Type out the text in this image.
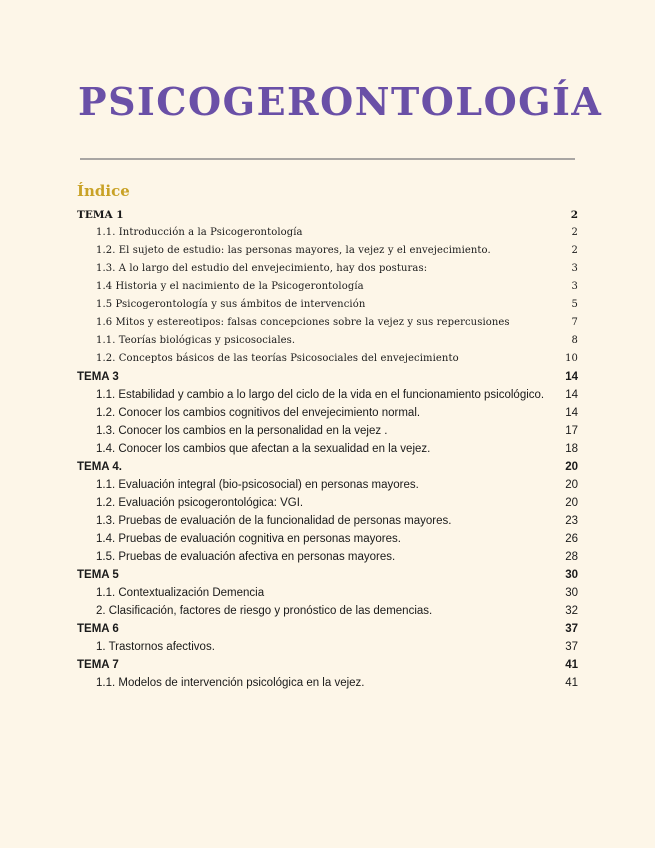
PSICOGERONTOLOGÍA
Índice
TEMA 1	2
1.1. Introducción a la Psicogerontología	2
1.2. El sujeto de estudio: las personas mayores, la vejez y el envejecimiento.	2
1.3. A lo largo del estudio del envejecimiento, hay dos posturas:	3
1.4 Historia y el nacimiento de la Psicogerontología	3
1.5 Psicogerontología y sus ámbitos de intervención	5
1.6 Mitos y estereotipos: falsas concepciones sobre la vejez y sus repercusiones	7
1.1. Teorías biológicas y psicosociales.	8
1.2. Conceptos básicos de las teorías Psicosociales del envejecimiento	10
TEMA 3	14
1.1. Estabilidad y cambio a lo largo del ciclo de la vida en el funcionamiento psicológico. 14
1.2. Conocer los cambios cognitivos del envejecimiento normal.	14
1.3. Conocer los cambios en la personalidad en la vejez .	17
1.4. Conocer los cambios que afectan a la sexualidad en la vejez.	18
TEMA 4.	20
1.1. Evaluación integral (bio-psicosocial) en personas mayores.	20
1.2. Evaluación psicogerontológica: VGI.	20
1.3. Pruebas de evaluación de la funcionalidad de personas mayores.	23
1.4. Pruebas de evaluación cognitiva en personas mayores.	26
1.5. Pruebas de evaluación afectiva en personas mayores.	28
TEMA 5	30
1.1. Contextualización Demencia	30
2. Clasificación, factores de riesgo y pronóstico de las demencias.	32
TEMA 6	37
1. Trastornos afectivos.	37
TEMA 7	41
1.1. Modelos de intervención psicológica en la vejez.	41
